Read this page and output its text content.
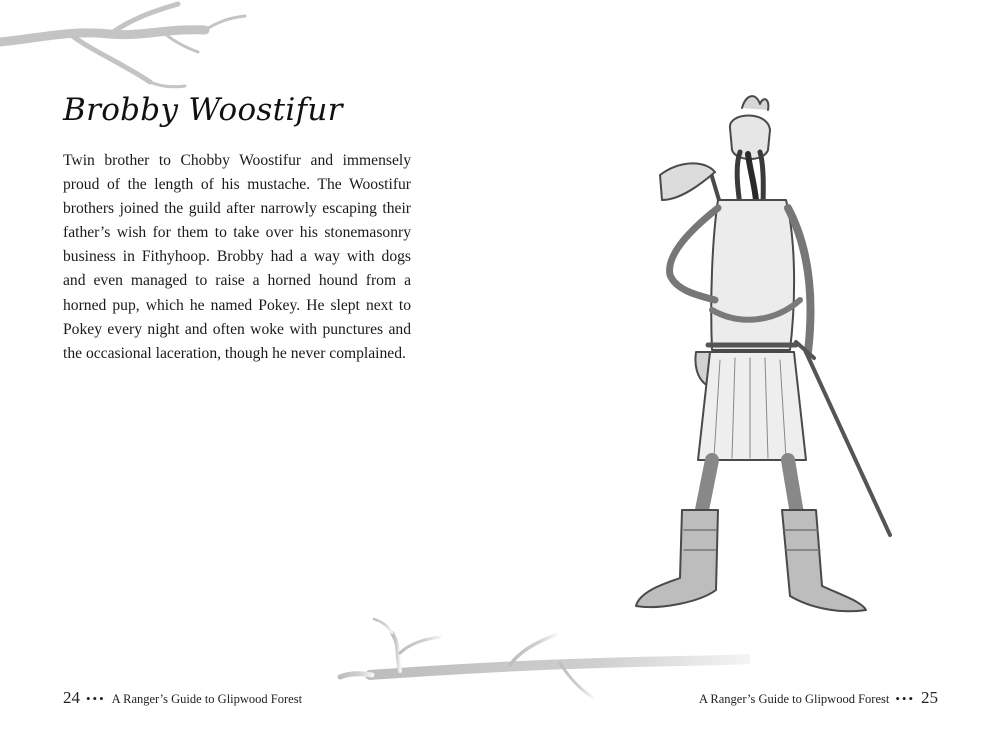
Brobby Woostifur

Twin brother to Chobby Woostifur and immensely proud of the length of his mustache. The Woostifur brothers joined the guild after narrowly escaping their father’s wish for them to take over his stonemasonry business in Fithyhoop. Brobby had a way with dogs and even managed to raise a horned hound from a horned pup, which he named Pokey. He slept next to Pokey every night and often woke with punctures and the occasional laceration, though he never complained.

24 ••• A Ranger’s Guide to Glipwood Forest	A Ranger’s Guide to Glipwood Forest ••• 25
